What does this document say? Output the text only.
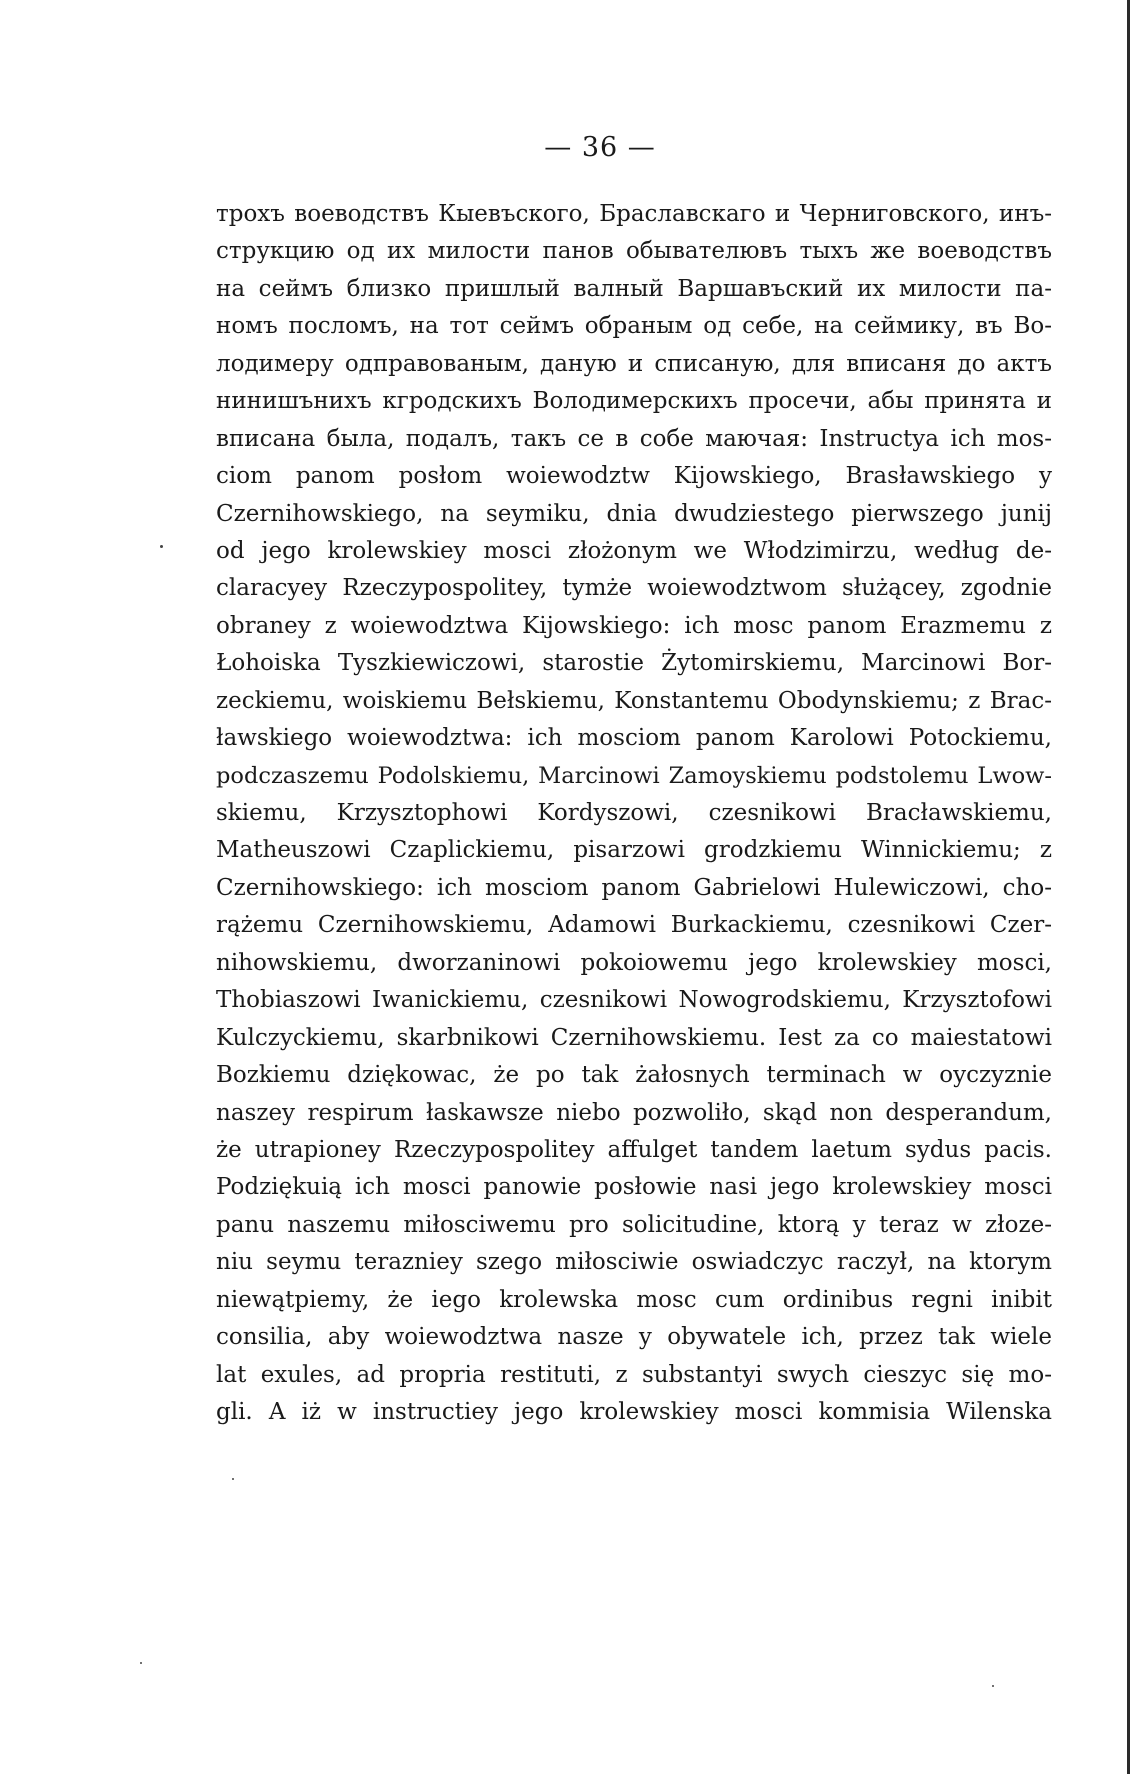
— 36 —
трохъ воеводствъ Кыевъского, Браславскаго и Черниговского, инъ-
струкцию од их милости панов обывателювъ тыхъ же воеводствъ
на сеймъ близко пришлый валный Варшавъский их милости па-
номъ посломъ, на тот сеймъ обраным од себе, на сеймику, въ Во-
лодимеру одправованым, даную и списаную, для вписаня до актъ
нинишънихъ кгродскихъ Володимерскихъ просечи, абы принята и
вписана была, подалъ, такъ се в собе маючая: Instructya ich mos-
ciom panom posłom woiewodztw Kijowskiego, Brasławskiego y
Czernihowskiego, na seymiku, dnia dwudziestego pierwszego junij
od jego krolewskiey mosci złożonym we Włodzimirzu, według de-
claracyey Rzeczypospolitey, tymże woiewodztwom służącey, zgodnie
obraney z woiewodztwa Kijowskiego: ich mosc panom Erazmemu z
Łohoiska Tyszkiewiczowi, starostie Żytomirskiemu, Marcinowi Bor-
zeckiemu, woiskiemu Bełskiemu, Konstantemu Obodynskiemu; z Brac-
ławskiego woiewodztwa: ich mosciom panom Karolowi Potockiemu,
podczaszemu Podolskiemu, Marcinowi Zamoyskiemu podstolemu Lwow-
skiemu, Krzysztophowi Kordyszowi, czesnikowi Bracławskiemu,
Matheuszowi Czaplickiemu, pisarzowi grodzkiemu Winnickiemu; z
Czernihowskiego: ich mosciom panom Gabrielowi Hulewiczowi, cho-
rążemu Czernihowskiemu, Adamowi Burkackiemu, czesnikowi Czer-
nihowskiemu, dworzaninowi pokoiowemu jego krolewskiey mosci,
Thobiaszowi Iwanickiemu, czesnikowi Nowogrodskiemu, Krzysztofowi
Kulczyckiemu, skarbnikowi Czernihowskiemu. Iest za co maiestatowi
Bozkiemu dziękowac, że po tak żałosnych terminach w oyczyznie
naszey respirum łaskawsze niebo pozwoliło, skąd non desperandum,
że utrapioney Rzeczypospolitey affulget tandem laetum sydus pacis.
Podziękuią ich mosci panowie posłowie nasi jego krolewskiey mosci
panu naszemu miłosciwemu pro solicitudine, ktorą y teraz w złoze-
niu seymu terazniey szego miłosciwie oswiadczyc raczył, na ktorym
niewątpiemy, że iego krolewska mosc cum ordinibus regni inibit
consilia, aby woiewodztwa nasze y obywatele ich, przez tak wiele
lat exules, ad propria restituti, z substantyi swych cieszyc się mo-
gli. A iż w instructiey jego krolewskiey mosci kommisia Wilenska
